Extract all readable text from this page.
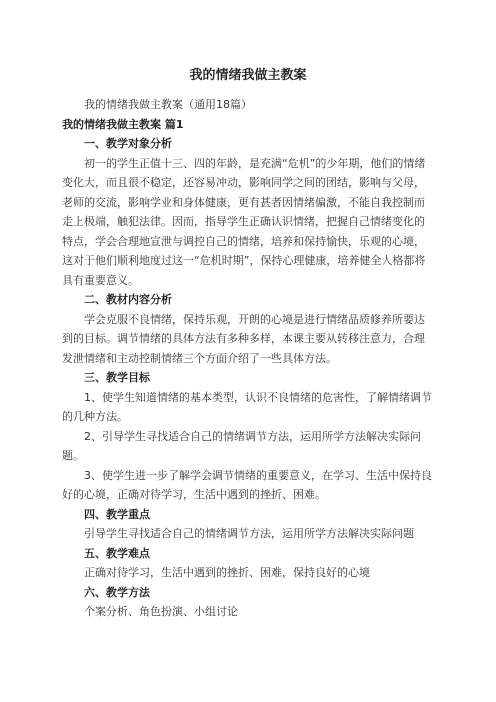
我的情绪我做主教案

我的情绪我做主教案（通用18篇）

我的情绪我做主教案 篇1

一、教学对象分析

初一的学生正值十三、四的年龄，是充满“危机”的少年期，他们的情绪变化大，而且很不稳定，还容易冲动，影响同学之间的团结，影响与父母，老师的交流，影响学业和身体健康，更有甚者因情绪偏激，不能自我控制而走上极端，触犯法律。因而，指导学生正确认识情绪，把握自己情绪变化的特点，学会合理地宣泄与调控自己的情绪，培养和保持愉快，乐观的心境，这对于他们顺利地度过这一“危机时期”，保持心理健康，培养健全人格都将具有重要意义。

二、教材内容分析

学会克服不良情绪，保持乐观，开朗的心境是进行情绪品质修养所要达到的目标。调节情绪的具体方法有多种多样，本课主要从转移注意力，合理发泄情绪和主动控制情绪三个方面介绍了一些具体方法。

三、教学目标

1、使学生知道情绪的基本类型，认识不良情绪的危害性，了解情绪调节的几种方法。

2、引导学生寻找适合自己的情绪调节方法，运用所学方法解决实际问题。

3、使学生进一步了解学会调节情绪的重要意义，在学习、生活中保持良好的心境，正确对待学习，生活中遇到的挫折、困难。

四、教学重点

引导学生寻找适合自己的情绪调节方法，运用所学方法解决实际问题

五、教学难点

正确对待学习，生活中遇到的挫折、困难，保持良好的心境

六、教学方法

个案分析、角色扮演、小组讨论
